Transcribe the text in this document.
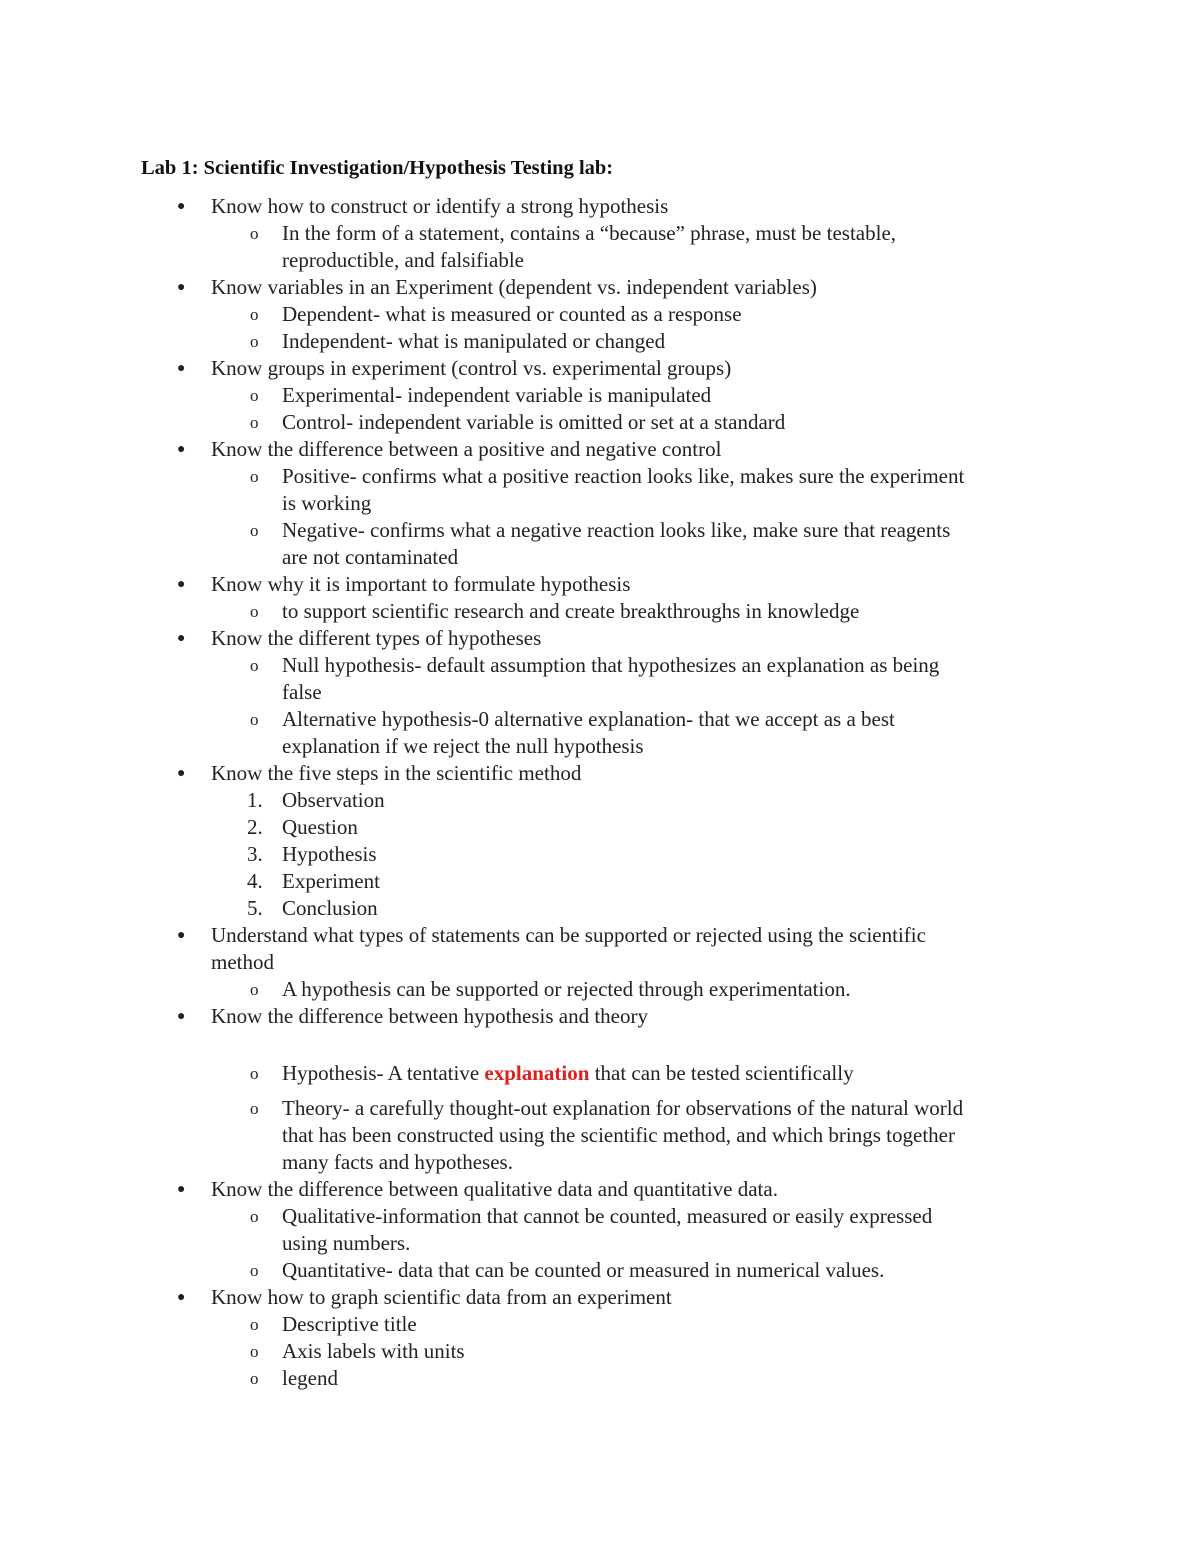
Lab 1: Scientific Investigation/Hypothesis Testing lab:
● Know how to construct or identify a strong hypothesis
o In the form of a statement, contains a “because” phrase, must be testable,
reproductible, and falsifiable
● Know variables in an Experiment (dependent vs. independent variables)
o Dependent- what is measured or counted as a response
o Independent- what is manipulated or changed
● Know groups in experiment (control vs. experimental groups)
o Experimental- independent variable is manipulated
o Control- independent variable is omitted or set at a standard
● Know the difference between a positive and negative control
o Positive- confirms what a positive reaction looks like, makes sure the experiment
is working
o Negative- confirms what a negative reaction looks like, make sure that reagents
are not contaminated
● Know why it is important to formulate hypothesis
o to support scientific research and create breakthroughs in knowledge
● Know the different types of hypotheses
o Null hypothesis- default assumption that hypothesizes an explanation as being
false
o Alternative hypothesis-0 alternative explanation- that we accept as a best
explanation if we reject the null hypothesis
● Know the five steps in the scientific method
1. Observation
2. Question
3. Hypothesis
4. Experiment
5. Conclusion
● Understand what types of statements can be supported or rejected using the scientific
method
o A hypothesis can be supported or rejected through experimentation.
● Know the difference between hypothesis and theory
o Hypothesis- A tentative explanation that can be tested scientifically
o Theory- a carefully thought-out explanation for observations of the natural world
that has been constructed using the scientific method, and which brings together
many facts and hypotheses.
● Know the difference between qualitative data and quantitative data.
o Qualitative-information that cannot be counted, measured or easily expressed
using numbers.
o Quantitative- data that can be counted or measured in numerical values.
● Know how to graph scientific data from an experiment
o Descriptive title
o Axis labels with units
o legend
